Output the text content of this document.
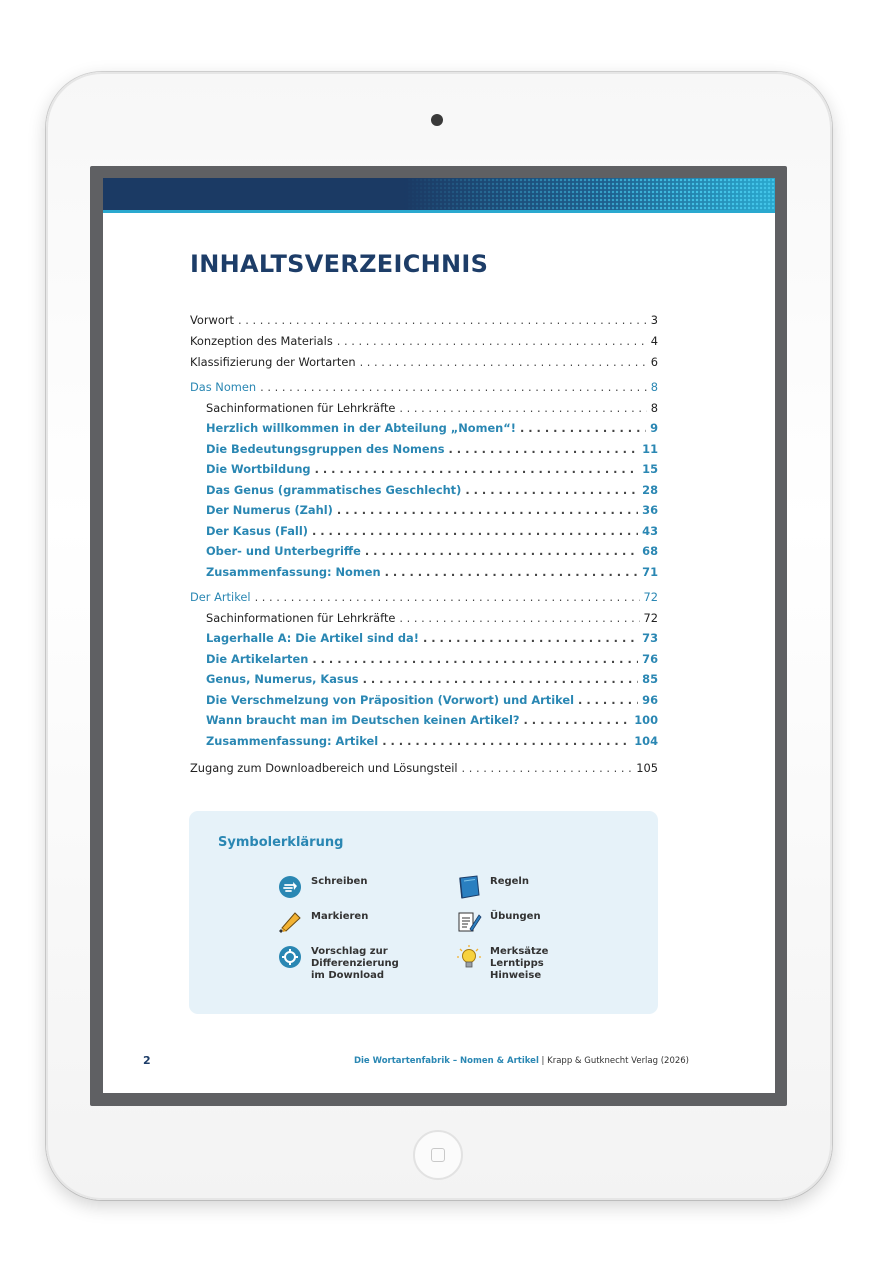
INHALTSVERZEICHNIS
Vorwort . . .	3
Konzeption des Materials . . .	4
Klassifizierung der Wortarten . . .	6
Das Nomen . . .	8
Sachinformationen für Lehrkräfte . . .	8
Herzlich willkommen in der Abteilung „Nomen“! . . .	9
Die Bedeutungsgruppen des Nomens . . .	11
Die Wortbildung . . .	15
Das Genus (grammatisches Geschlecht) . . .	28
Der Numerus (Zahl) . . .	36
Der Kasus (Fall) . . .	43
Ober- und Unterbegriffe . . .	68
Zusammenfassung: Nomen . . .	71
Der Artikel . . .	72
Sachinformationen für Lehrkräfte . . .	72
Lagerhalle A: Die Artikel sind da! . . .	73
Die Artikelarten . . .	76
Genus, Numerus, Kasus . . .	85
Die Verschmelzung von Präposition (Vorwort) und Artikel . . .	96
Wann braucht man im Deutschen keinen Artikel? . . .	100
Zusammenfassung: Artikel . . .	104
Zugang zum Downloadbereich und Lösungsteil . . .	105
Symbolerklärung
Schreiben	Regeln
Markieren	Übungen
Vorschlag zur
Differenzierung
im Download
Merksätze
Lerntipps
Hinweise
2	Die Wortartenfabrik – Nomen & Artikel | Krapp & Gutknecht Verlag (2026)
